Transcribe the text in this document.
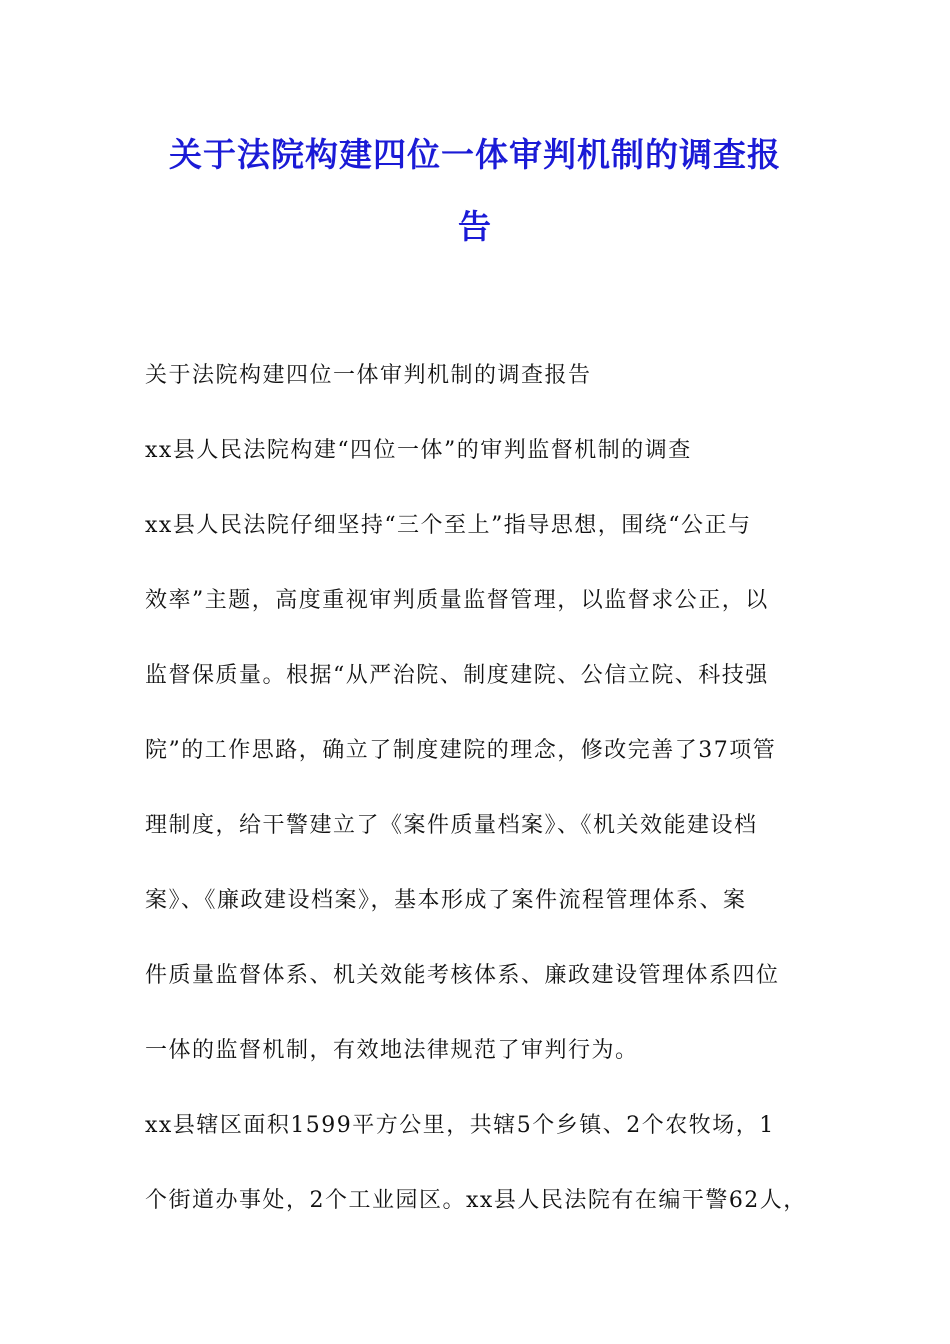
关于法院构建四位一体审判机制的调查报
告

关于法院构建四位一体审判机制的调查报告

xx县人民法院构建“四位一体”的审判监督机制的调查

xx县人民法院仔细坚持“三个至上”指导思想，围绕“公正与

效率”主题，高度重视审判质量监督管理，以监督求公正，以

监督保质量。根据“从严治院、制度建院、公信立院、科技强

院”的工作思路，确立了制度建院的理念，修改完善了37项管

理制度，给干警建立了《案件质量档案》、《机关效能建设档

案》、《廉政建设档案》，基本形成了案件流程管理体系、案

件质量监督体系、机关效能考核体系、廉政建设管理体系四位

一体的监督机制，有效地法律规范了审判行为。

xx县辖区面积1599平方公里，共辖5个乡镇、2个农牧场，1

个街道办事处，2个工业园区。xx县人民法院有在编干警62人，
